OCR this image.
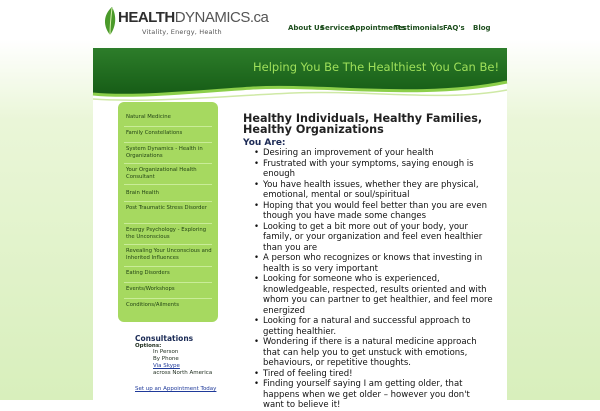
HEALTHDYNAMICS.ca
Vitality, Energy, Health	About Us
Services
Appointments
Testimonials FAQ's Blog
Helping You Be The Healthiest You Can Be!
Natural Medicine
Family Constellations
System Dynamics - Health in Organizations
Your Organizational Health Consultant
Brain Health
Post Traumatic Stress Disorder
Energy Psychology - Exploring the Unconscious
Revealing Your Unconscious and Inherited Influences
Eating Disorders
Events/Workshops
Conditions/Ailments
Consultations
Options:
In Person
By Phone
Via Skype
across North America
Set up an Appointment Today
Healthy Individuals, Healthy Families, Healthy Organizations
You Are:
• Desiring an improvement of your health
• Frustrated with your symptoms, saying enough is enough
• You have health issues, whether they are physical, emotional, mental or soul/spiritual
• Hoping that you would feel better than you are even though you have made some changes
• Looking to get a bit more out of your body, your family, or your organization and feel even healthier than you are
• A person who recognizes or knows that investing in health is so very important
• Looking for someone who is experienced, knowledgeable, respected, results oriented and with whom you can partner to get healthier, and feel more energized
• Looking for a natural and successful approach to getting healthier.
• Wondering if there is a natural medicine approach that can help you to get unstuck with emotions, behaviours, or repetitive thoughts.
• Tired of feeling tired!
• Finding yourself saying I am getting older, that happens when we get older – however you don't want to believe it!
